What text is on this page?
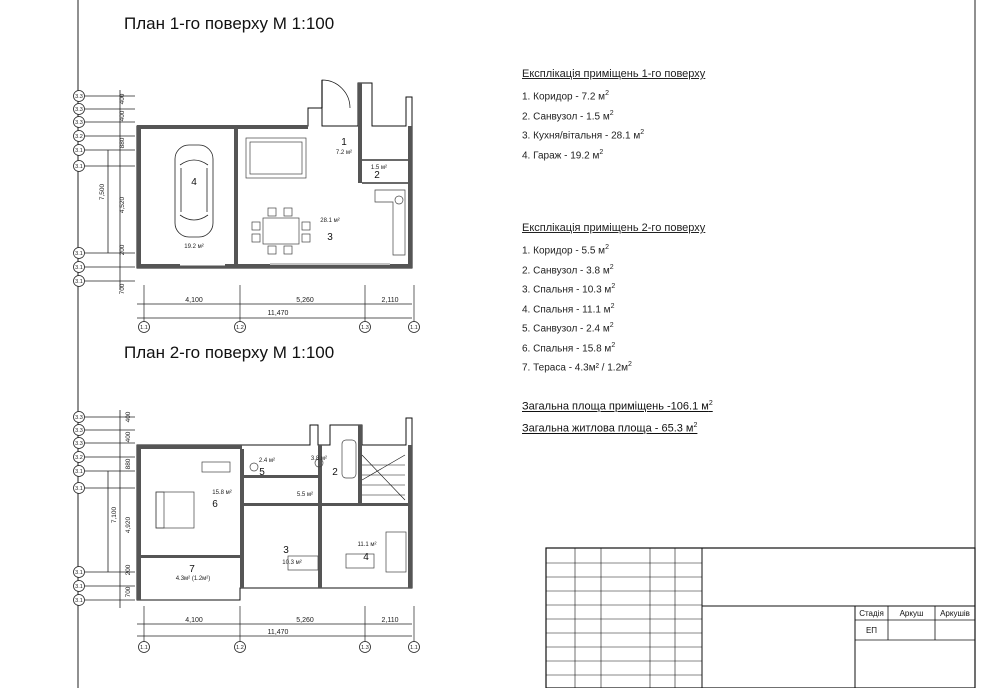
План 1-го поверху М 1:100
План 2-го поверху М 1:100
3.3
3.3
3.3
3.2
3.1
3.1
3.1
3.1
3.1
400
400
880
4,520
200
700
7,500
4
1
2
3
19.2 м²
7.2 м²
1.5 м²
28.1 м²
4,100	5,260	2,110
11,470
1.1	1.2	1.3	1.1
3.3
3.3
3.3
3.2
3.1
3.1
3.1
3.1
3.1
400
400
880
4,920
200
700
7,100
2
5
6
3
4
7
3.8 м²
2.4 м²
15.8 м²	5.5 м²
10.3 м²
11.1 м²
4.3м² (1.2м²)
4,100	5,260	2,110
11,470
1.1	1.2	1.3	1.1
Експлікація приміщень 1-го поверху
1. Коридор - 7.2 $м^2$
2. Санвузол - 1.5 $м^2$
3. Кухня/вітальня - 28.1 $м^2$
4. Гараж - 19.2 $м^2$
Експлікація приміщень 2-го поверху
1. Коридор - 5.5 $м^2$
2. Санвузол - 3.8 $м^2$
3. Спальня - 10.3 $м^2$
4. Спальня - 11.1 $м^2$
5. Санвузол - 2.4 $м^2$
6. Спальня - 15.8 $м^2$
7. Тераса - $4.3м^2 / 1.2м^2$
Загальна площа приміщень -106.1 $м^2$
Загальна житлова площа - 65.3 $м^2$
Стадія	Аркуш	Аркушів
ЕП
